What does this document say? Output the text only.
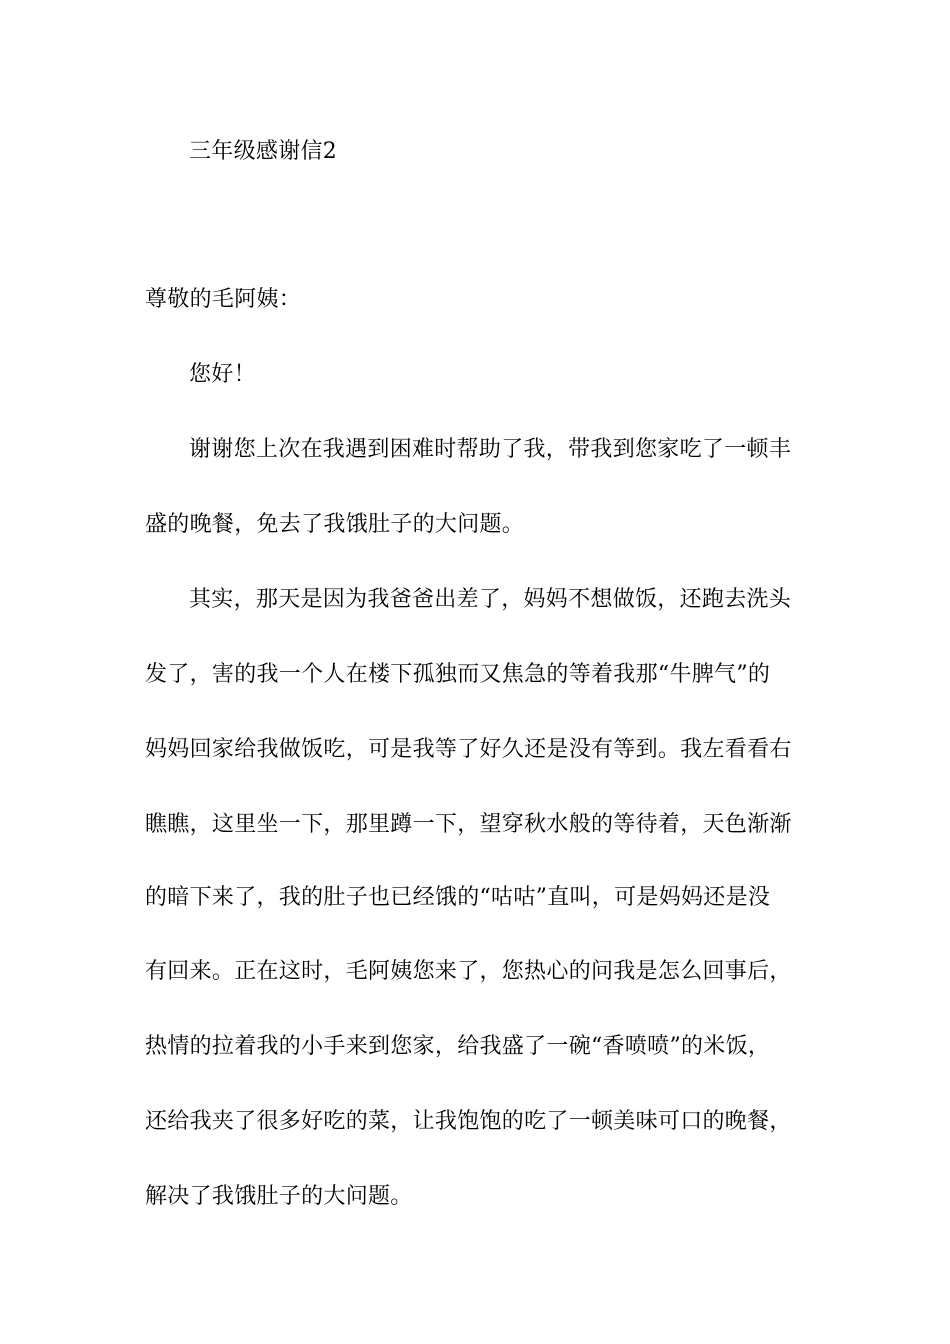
三年级感谢信2
尊敬的毛阿姨：
您好！
谢谢您上次在我遇到困难时帮助了我，带我到您家吃了一顿丰
盛的晚餐，免去了我饿肚子的大问题。
其实，那天是因为我爸爸出差了，妈妈不想做饭，还跑去洗头
发了，害的我一个人在楼下孤独而又焦急的等着我那“牛脾气”的
妈妈回家给我做饭吃，可是我等了好久还是没有等到。我左看看右
瞧瞧，这里坐一下，那里蹲一下，望穿秋水般的等待着，天色渐渐
的暗下来了，我的肚子也已经饿的“咕咕”直叫，可是妈妈还是没
有回来。正在这时，毛阿姨您来了，您热心的问我是怎么回事后，
热情的拉着我的小手来到您家，给我盛了一碗“香喷喷”的米饭，
还给我夹了很多好吃的菜，让我饱饱的吃了一顿美味可口的晚餐，
解决了我饿肚子的大问题。
